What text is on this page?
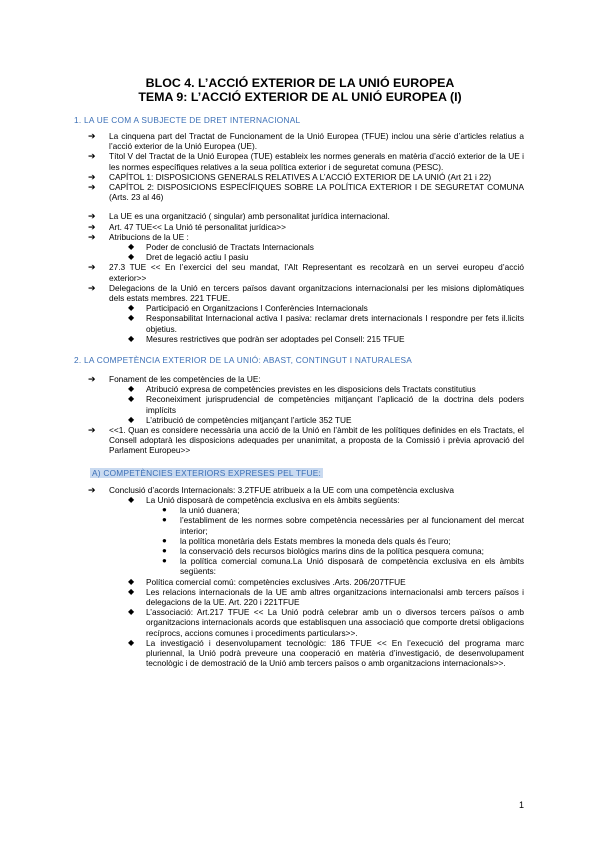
BLOC 4. L’ACCIÓ EXTERIOR DE LA UNIÓ EUROPEA
TEMA 9: L’ACCIÓ EXTERIOR DE AL UNIÓ EUROPEA (I)
1. LA UE COM A SUBJECTE DE DRET INTERNACIONAL
➔ La cinquena part del Tractat de Funcionament de la Unió Europea (TFUE) inclou una sèrie d’articles relatius a l’acció exterior de la Unió Europea (UE).
➔ Títol V del Tractat de la Unió Europea (TUE) estableix les normes generals en matèria d’acció exterior de la UE i les normes específiques relatives a la seua política exterior i de seguretat comuna (PESC).
➔ CAPÍTOL 1: DISPOSICIONS GENERALS RELATIVES A L’ACCIÓ EXTERIOR DE LA UNIÓ (Art 21 i 22)
➔ CAPÍTOL 2: DISPOSICIONS ESPECÍFIQUES SOBRE LA POLÍTICA EXTERIOR I DE SEGURETAT COMUNA (Arts. 23 al 46)
➔ La UE es una organització ( singular) amb personalitat jurídica internacional.
➔ Art. 47 TUE<< La Unió té personalitat jurídica>>
➔ Atribucions de la UE :
◆ Poder de conclusió de Tractats Internacionals
◆ Dret de legació actiu I pasiu
➔ 27.3 TUE << En l’exercici del seu mandat, l’Alt Representant es recolzarà en un servei europeu d’acció exterior>>
➔ Delegacions de la Unió en tercers països davant organitzacions internacionalsi per les misions diplomàtiques dels estats membres. 221 TFUE.
◆ Participació en Organitzacions I Conferències Internacionals
◆ Responsabilitat Internacional activa I pasiva: reclamar drets internacionals I respondre per fets il.licits objetius.
◆ Mesures restrictives que podràn ser adoptades pel Consell: 215 TFUE
2. LA COMPETÈNCIA EXTERIOR DE LA UNIÓ: ABAST, CONTINGUT I NATURALESA
➔ Fonament de les competències de la UE:
◆ Atribució expresa de competències previstes en les disposicions dels Tractats constitutius
◆ Reconeiximent jurisprudencial de competències mitjançant l’aplicació de la doctrina dels poders implícits
◆ L’atribució de competències mitjançant l’article 352 TUE
➔ <<1. Quan es considere necessària una acció de la Unió en l’àmbit de les polítiques definides en els Tractats, el Consell adoptarà les disposicions adequades per unanimitat, a proposta de la Comissió i prèvia aprovació del Parlament Europeu>>
A) COMPETÈNCIES EXTERIORS EXPRESES PEL TFUE:
➔ Conclusió d’acords Internacionals: 3.2TFUE atribueix a la UE com una competència exclusiva
◆ La Unió disposarà de competència exclusiva en els àmbits següents:
● la unió duanera;
● l’establiment de les normes sobre competència necessàries per al funcionament del mercat interior;
● la política monetària dels Estats membres la moneda dels quals és l’euro;
● la conservació dels recursos biològics marins dins de la política pesquera comuna;
● la política comercial comuna.La Unió disposarà de competència exclusiva en els àmbits següents:
◆ Política comercial comú: competències exclusives .Arts. 206/207TFUE
◆ Les relacions internacionals de la UE amb altres organitzacions internacionalsi amb tercers països i delegacions de la UE. Art. 220 i 221TFUE
◆ L’associació: Art.217 TFUE << La Unió podrà celebrar amb un o diversos tercers països o amb organitzacions internacionals acords que establisquen una associació que comporte dretsi obligacions recíprocs, accions comunes i procediments particulars>>.
◆ La investigació i desenvolupament tecnològic: 186 TFUE << En l’execució del programa marc pluriennal, la Unió podrà preveure una cooperació en matèria d’investigació, de desenvolupament tecnològic i de demostració de la Unió amb tercers països o amb organitzacions internacionals>>.
1
